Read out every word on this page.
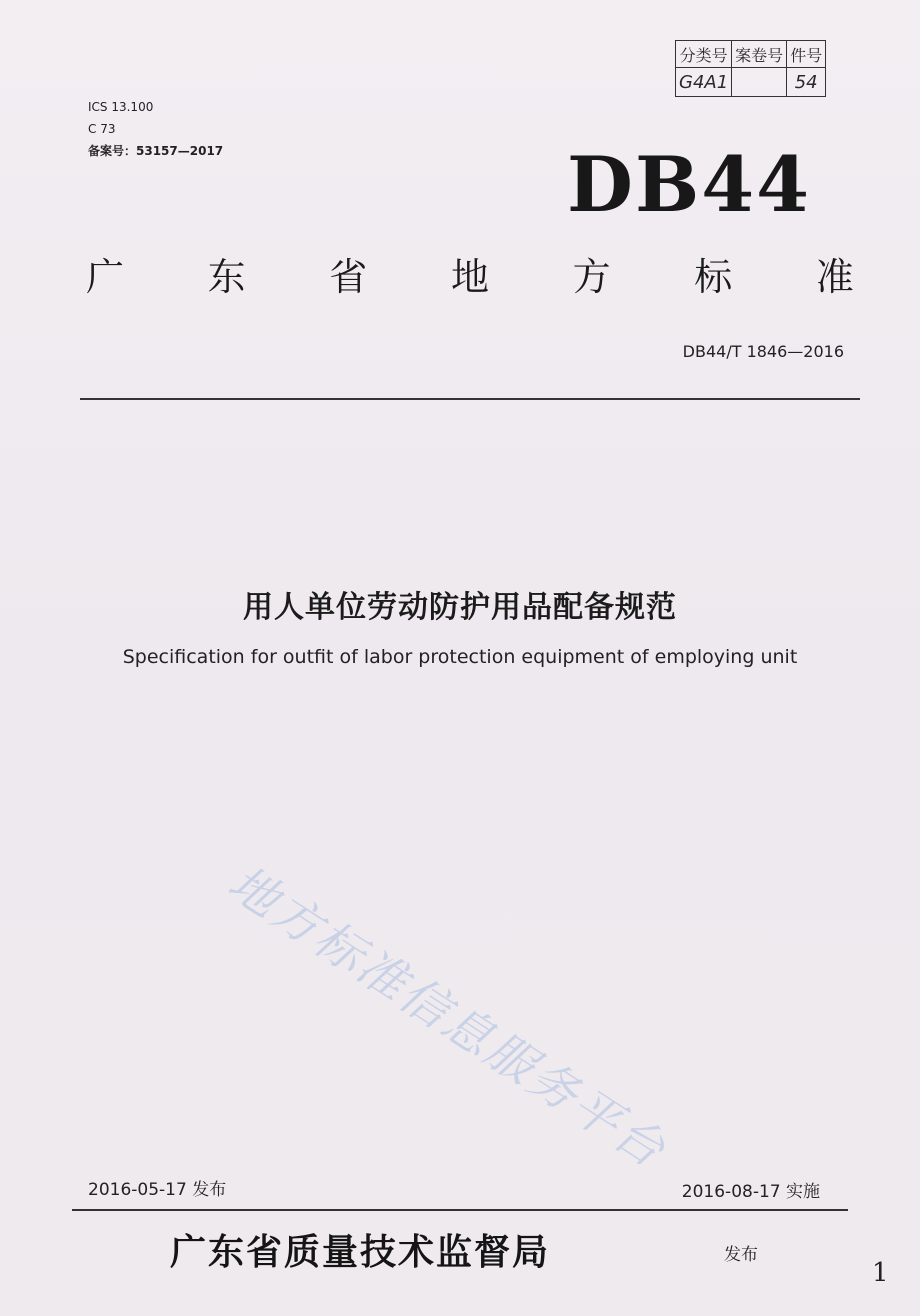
分类号	案卷号	件号
G4A1		54
ICS 13.100
C 73
备案号：53157—2017	DB44
广 东 省 地 方 标 准
DB44/T 1846—2016
用人单位劳动防护用品配备规范
Specification for outfit of labor protection equipment of employing unit
地方标准信息服务平台
2016-05-17 发布	2016-08-17 实施
广东省质量技术监督局	发布
1
